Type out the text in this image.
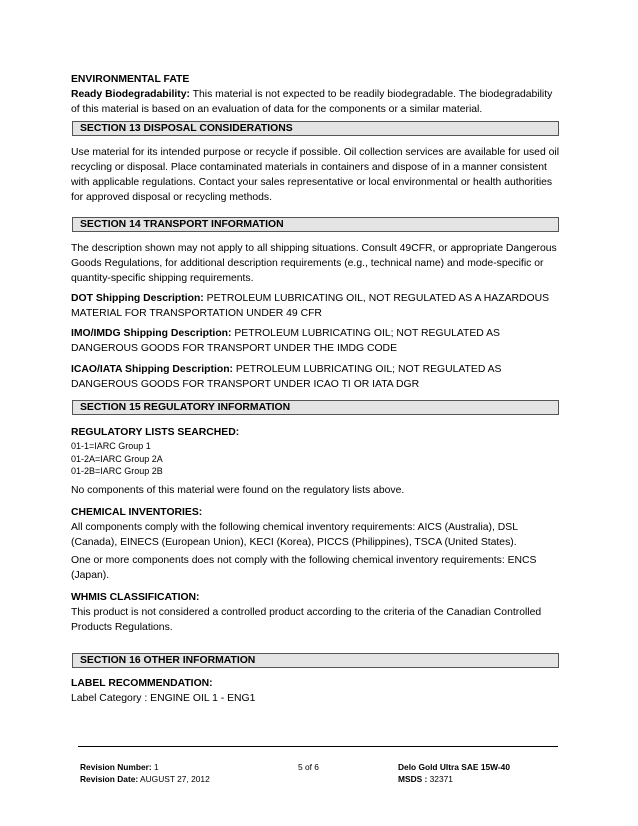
ENVIRONMENTAL FATE

Ready Biodegradability: This material is not expected to be readily biodegradable. The biodegradability

of this material is based on an evaluation of data for the components or a similar material.

SECTION 13 DISPOSAL CONSIDERATIONS

Use material for its intended purpose or recycle if possible. Oil collection services are available for used oil

recycling or disposal. Place contaminated materials in containers and dispose of in a manner consistent

with applicable regulations. Contact your sales representative or local environmental or health authorities

for approved disposal or recycling methods.

SECTION 14 TRANSPORT INFORMATION

The description shown may not apply to all shipping situations. Consult 49CFR, or appropriate Dangerous

Goods Regulations, for additional description requirements (e.g., technical name) and mode-specific or

quantity-specific shipping requirements.

DOT Shipping Description: PETROLEUM LUBRICATING OIL, NOT REGULATED AS A HAZARDOUS

MATERIAL FOR TRANSPORTATION UNDER 49 CFR

IMO/IMDG Shipping Description: PETROLEUM LUBRICATING OIL; NOT REGULATED AS

DANGEROUS GOODS FOR TRANSPORT UNDER THE IMDG CODE

ICAO/IATA Shipping Description: PETROLEUM LUBRICATING OIL; NOT REGULATED AS

DANGEROUS GOODS FOR TRANSPORT UNDER ICAO TI OR IATA DGR

SECTION 15 REGULATORY INFORMATION

REGULATORY LISTS SEARCHED:

01-1=IARC Group 1

01-2A=IARC Group 2A

01-2B=IARC Group 2B

No components of this material were found on the regulatory lists above.

CHEMICAL INVENTORIES:

All components comply with the following chemical inventory requirements: AICS (Australia), DSL

(Canada), EINECS (European Union), KECI (Korea), PICCS (Philippines), TSCA (United States).

One or more components does not comply with the following chemical inventory requirements: ENCS

(Japan).

WHMIS CLASSIFICATION:

This product is not considered a controlled product according to the criteria of the Canadian Controlled

Products Regulations.

SECTION 16 OTHER INFORMATION

LABEL RECOMMENDATION:

Label Category : ENGINE OIL 1 - ENG1

Revision Number: 1
Revision Date: AUGUST 27, 2012
5 of 6	Delo Gold Ultra SAE 15W-40
MSDS : 32371
